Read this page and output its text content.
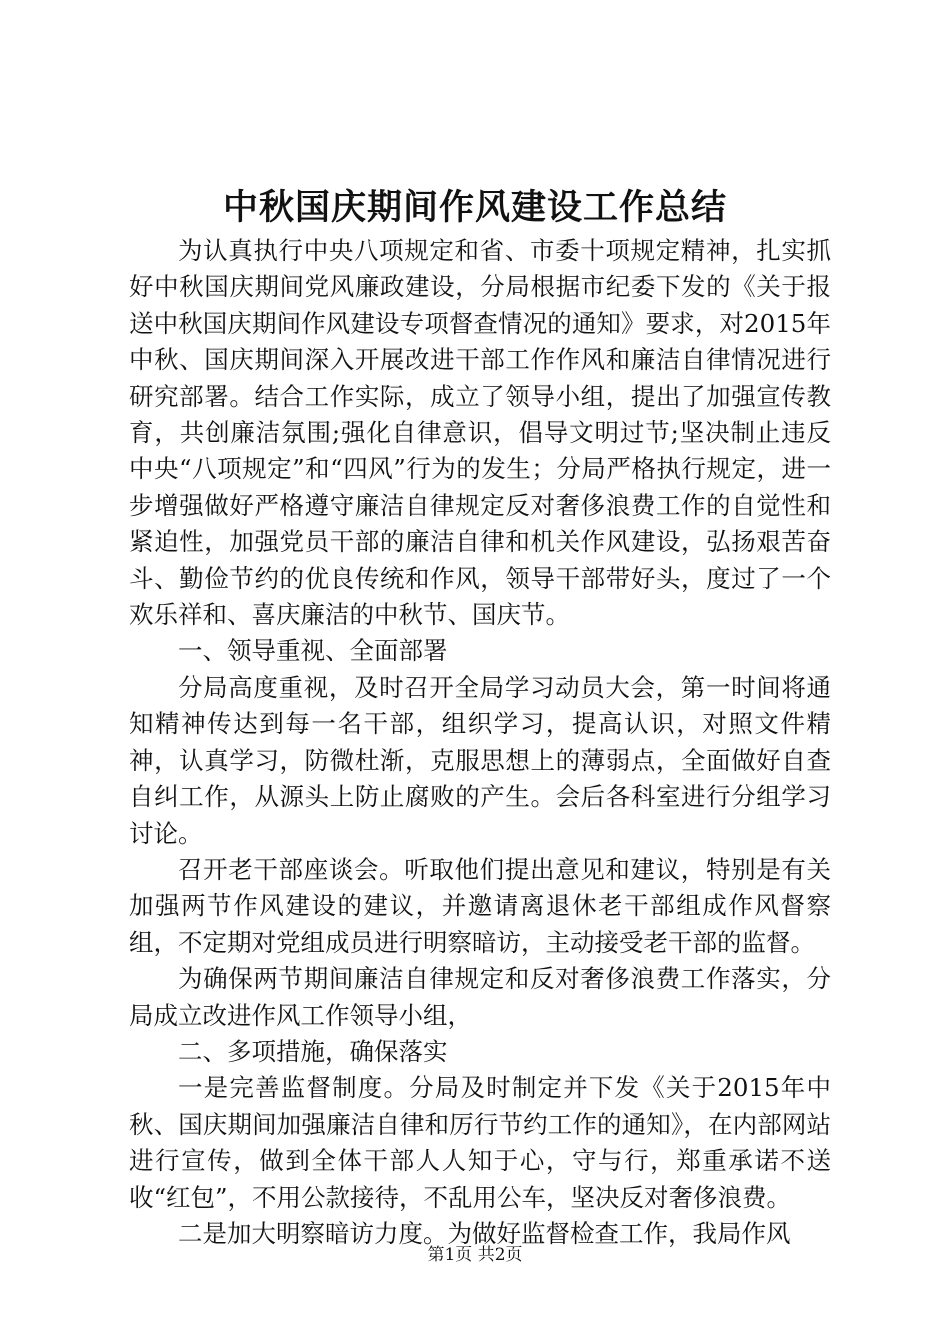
中秋国庆期间作风建设工作总结

为认真执行中央八项规定和省、市委十项规定精神，扎实抓好中秋国庆期间党风廉政建设，分局根据市纪委下发的《关于报送中秋国庆期间作风建设专项督查情况的通知》要求，对2015年中秋、国庆期间深入开展改进干部工作作风和廉洁自律情况进行研究部署。结合工作实际，成立了领导小组，提出了加强宣传教育，共创廉洁氛围;强化自律意识，倡导文明过节;坚决制止违反中央“八项规定”和“四风”行为的发生；分局严格执行规定，进一步增强做好严格遵守廉洁自律规定反对奢侈浪费工作的自觉性和紧迫性，加强党员干部的廉洁自律和机关作风建设，弘扬艰苦奋斗、勤俭节约的优良传统和作风，领导干部带好头，度过了一个欢乐祥和、喜庆廉洁的中秋节、国庆节。

一、领导重视、全面部署

分局高度重视，及时召开全局学习动员大会，第一时间将通知精神传达到每一名干部，组织学习，提高认识，对照文件精神，认真学习，防微杜渐，克服思想上的薄弱点，全面做好自查自纠工作，从源头上防止腐败的产生。会后各科室进行分组学习讨论。

召开老干部座谈会。听取他们提出意见和建议，特别是有关加强两节作风建设的建议，并邀请离退休老干部组成作风督察组，不定期对党组成员进行明察暗访，主动接受老干部的监督。

为确保两节期间廉洁自律规定和反对奢侈浪费工作落实，分局成立改进作风工作领导小组，

二、多项措施，确保落实

一是完善监督制度。分局及时制定并下发《关于2015年中秋、国庆期间加强廉洁自律和厉行节约工作的通知》，在内部网站进行宣传，做到全体干部人人知于心，守与行，郑重承诺不送收“红包”，不用公款接待，不乱用公车，坚决反对奢侈浪费。

二是加大明察暗访力度。为做好监督检查工作，我局作风

第1页 共2页
